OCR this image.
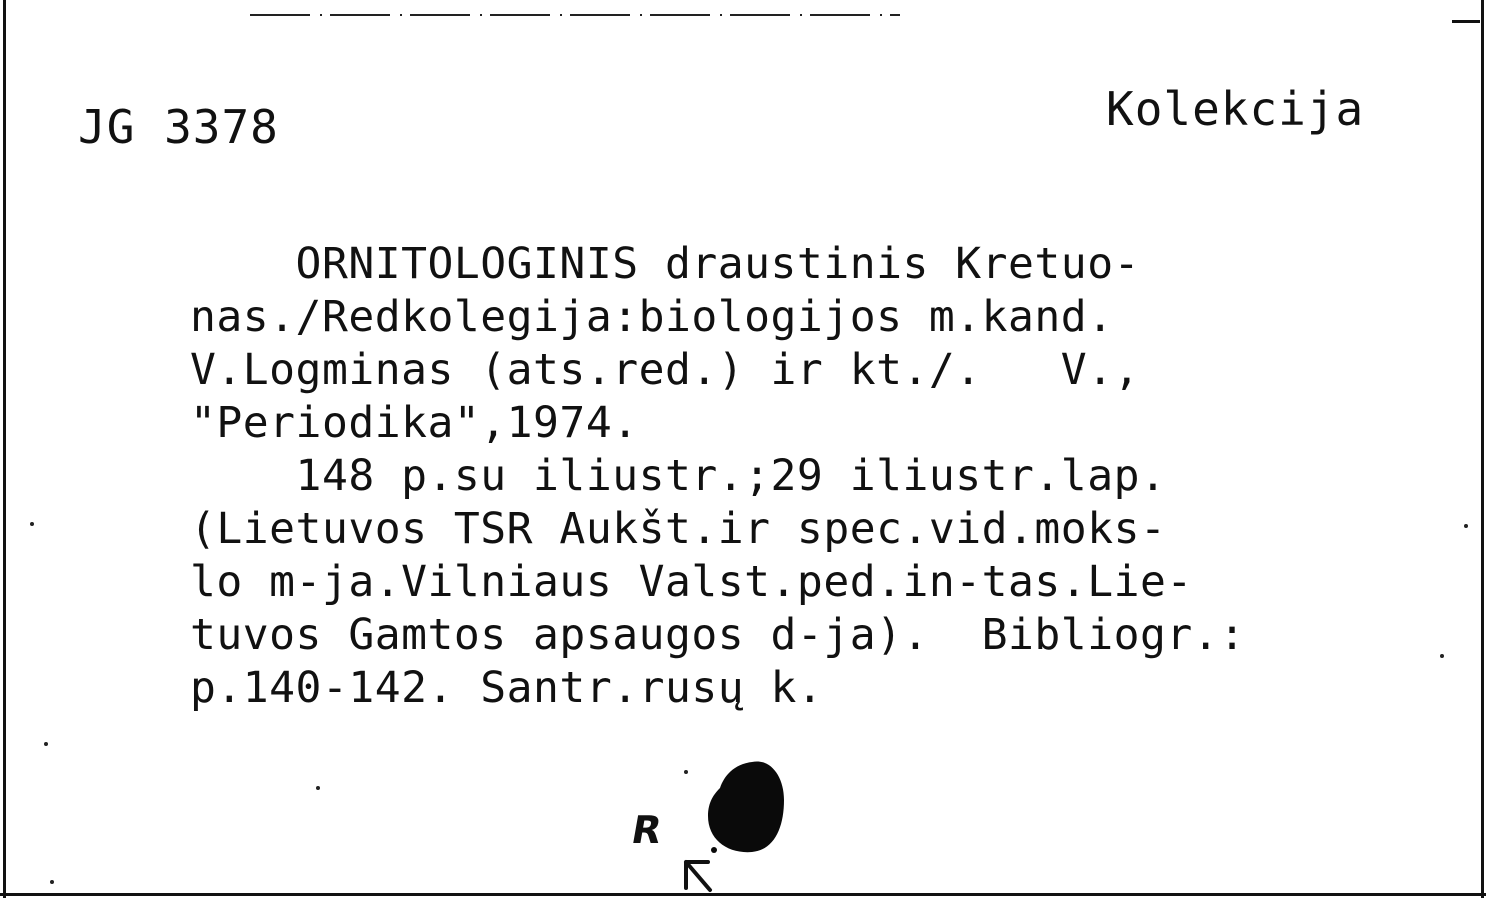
JG 3378	Kolekcija
ORNITOLOGINIS draustinis Kretuo-
nas./Redkolegija:biologijos m.kand.
V.Logminas (ats.red.) ir kt./.   V.,
"Periodika",1974.
148 p.su iliustr.;29 iliustr.lap.
(Lietuvos TSR Aukšt.ir spec.vid.moks-
lo m-ja.Vilniaus Valst.ped.in-tas.Lie-
tuvos Gamtos apsaugos d-ja).  Bibliogr.:
p.140-142. Santr.rusų k.
R
